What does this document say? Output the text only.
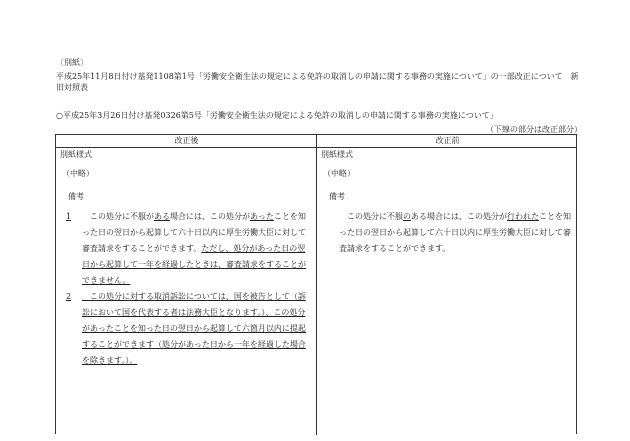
〔別紙〕
平成25年11月8日付け基発1108第1号「労働安全衛生法の規定による免許の取消しの申請に関する事務の実施について」の一部改正について　新
旧対照表
○平成25年3月26日付け基発0326第5号「労働安全衛生法の規定による免許の取消しの申請に関する事務の実施について」
（下線の部分は改正部分）
改正後	改正前
別紙様式
（中略）
備考
1 　この処分に不服がある場合には、この処分があったことを知った日の翌日から起算して六十日以内に厚生労働大臣に対して審査請求をすることができます。ただし、処分があった日の翌日から起算して一年を経過したときは、審査請求をすることができません。
2 　この処分に対する取消訴訟については、国を被告として（訴訟において国を代表する者は法務大臣となります。）、この処分があったことを知った日の翌日から起算して六箇月以内に提起することができます（処分があった日から一年を経過した場合を除きます。）。
別紙様式
（中略）
備考
この処分に不服のある場合には、この処分が行われたことを知った日の翌日から起算して六十日以内に厚生労働大臣に対して審査請求をすることができます。
